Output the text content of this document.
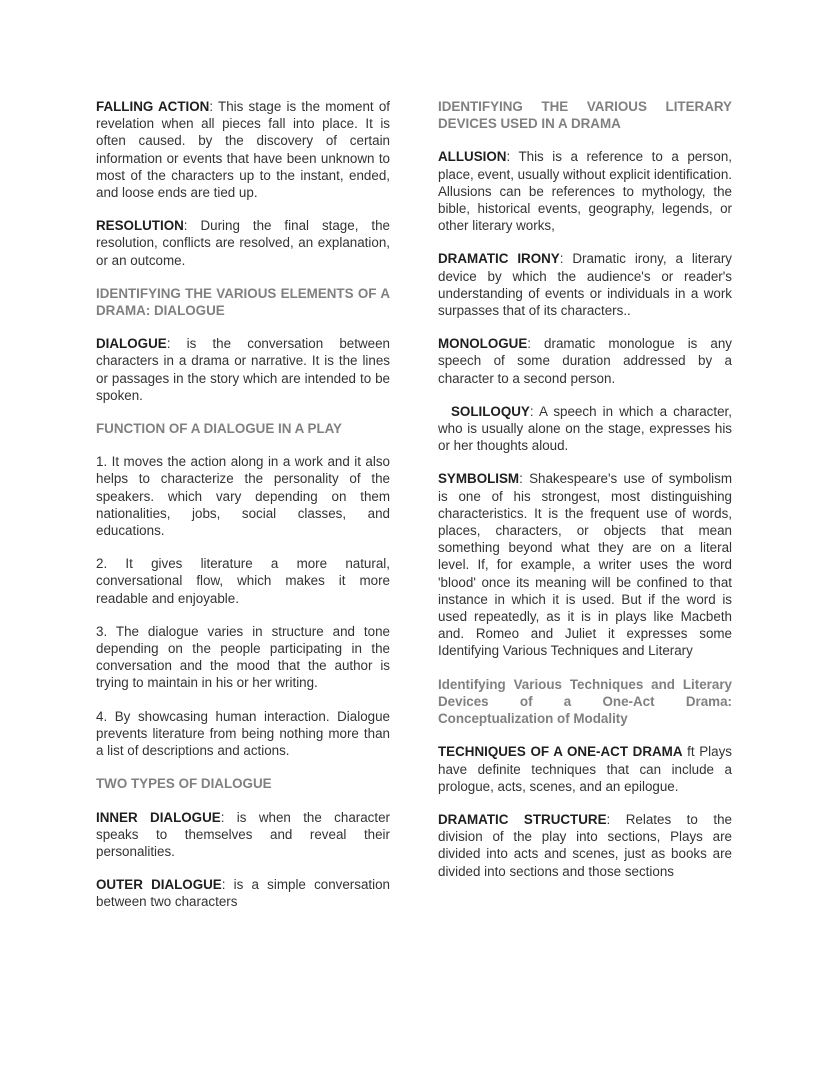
FALLING ACTION: This stage is the moment of revelation when all pieces fall into place. It is often caused. by the discovery of certain information or events that have been unknown to most of the characters up to the instant, ended, and loose ends are tied up.

RESOLUTION: During the final stage, the resolution, conflicts are resolved, an explanation, or an outcome.

IDENTIFYING THE VARIOUS ELEMENTS OF A DRAMA: DIALOGUE

DIALOGUE: is the conversation between characters in a drama or narrative. It is the lines or passages in the story which are intended to be spoken.

FUNCTION OF A DIALOGUE IN A PLAY

1. It moves the action along in a work and it also helps to characterize the personality of the speakers. which vary depending on them nationalities, jobs, social classes, and educations.

2. It gives literature a more natural, conversational flow, which makes it more readable and enjoyable.

3. The dialogue varies in structure and tone depending on the people participating in the conversation and the mood that the author is trying to maintain in his or her writing.

4. By showcasing human interaction. Dialogue prevents literature from being nothing more than a list of descriptions and actions.

TWO TYPES OF DIALOGUE

INNER DIALOGUE: is when the character speaks to themselves and reveal their personalities.

OUTER DIALOGUE: is a simple conversation between two characters

IDENTIFYING THE VARIOUS LITERARY DEVICES USED IN A DRAMA

ALLUSION: This is a reference to a person, place, event, usually without explicit identification. Allusions can be references to mythology, the bible, historical events, geography, legends, or other literary works,

DRAMATIC IRONY: Dramatic irony, a literary device by which the audience's or reader's understanding of events or individuals in a work surpasses that of its characters..

MONOLOGUE: dramatic monologue is any speech of some duration addressed by a character to a second person.

SOLILOQUY: A speech in which a character, who is usually alone on the stage, expresses his or her thoughts aloud.

SYMBOLISM: Shakespeare's use of symbolism is one of his strongest, most distinguishing characteristics. It is the frequent use of words, places, characters, or objects that mean something beyond what they are on a literal level. If, for example, a writer uses the word 'blood' once its meaning will be confined to that instance in which it is used. But if the word is used repeatedly, as it is in plays like Macbeth and. Romeo and Juliet it expresses some Identifying Various Techniques and Literary

Identifying Various Techniques and Literary Devices of a One-Act Drama: Conceptualization of Modality

TECHNIQUES OF A ONE-ACT DRAMA ft Plays have definite techniques that can include a prologue, acts, scenes, and an epilogue.

DRAMATIC STRUCTURE: Relates to the division of the play into sections, Plays are divided into acts and scenes, just as books are divided into sections and those sections
